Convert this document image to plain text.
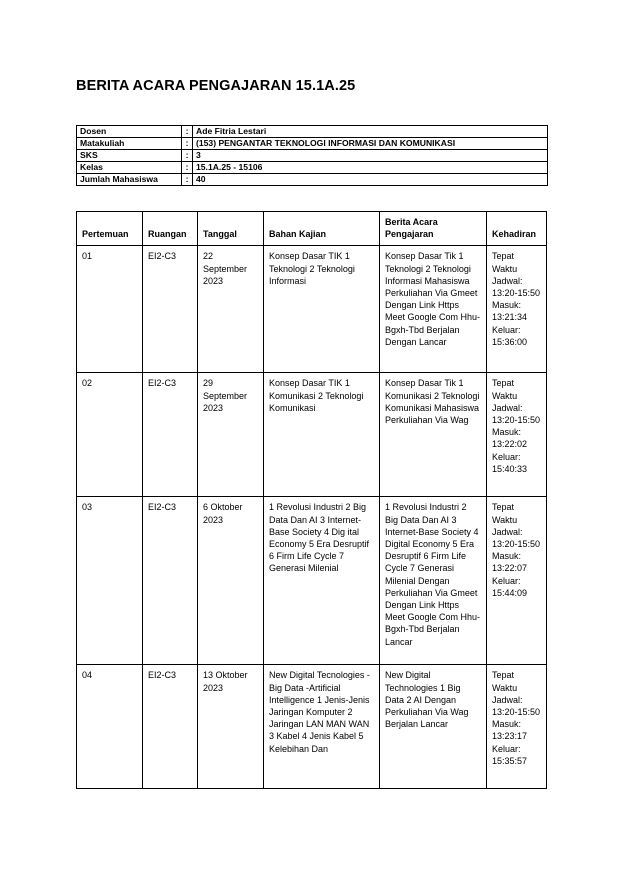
BERITA ACARA PENGAJARAN 15.1A.25
Dosen	:	Ade Fitria Lestari
Matakuliah	:	(153) PENGANTAR TEKNOLOGI INFORMASI DAN KOMUNIKASI
SKS	:	3
Kelas	:	15.1A.25 - 15106
Jumlah Mahasiswa	:	40
Pertemuan	Ruangan	Tanggal	Bahan Kajian	Berita Acara Pengajaran	Kehadiran
01	EI2-C3	22 September 2023	Konsep Dasar TIK 1 Teknologi 2 Teknologi Informasi	Konsep Dasar Tik 1 Teknologi 2 Teknologi Informasi Mahasiswa Perkuliahan Via Gmeet Dengan Link Https Meet Google Com Hhu-Bgxh-Tbd Berjalan Dengan Lancar	Tepat Waktu Jadwal: 13:20-15:50 Masuk: 13:21:34 Keluar: 15:36:00
02	EI2-C3	29 September 2023	Konsep Dasar TIK 1 Komunikasi 2 Teknologi Komunikasi	Konsep Dasar Tik 1 Komunikasi 2 Teknologi Komunikasi Mahasiswa Perkuliahan Via Wag	Tepat Waktu Jadwal: 13:20-15:50 Masuk: 13:22:02 Keluar: 15:40:33
03	EI2-C3	6 Oktober 2023	1 Revolusi Industri 2 Big Data Dan AI 3 Internet-Base Society 4 Dig ital Economy 5 Era Desruptif 6 Firm Life Cycle 7 Generasi Milenial	1 Revolusi Industri 2 Big Data Dan AI 3 Internet-Base Society 4 Digital Economy 5 Era Desruptif 6 Firm Life Cycle 7 Generasi Milenial Dengan Perkuliahan Via Gmeet Dengan Link Https Meet Google Com Hhu-Bgxh-Tbd Berjalan Lancar	Tepat Waktu Jadwal: 13:20-15:50 Masuk: 13:22:07 Keluar: 15:44:09
04	EI2-C3	13 Oktober 2023	New Digital Tecnologies -Big Data -Artificial Intelligence 1 Jenis-Jenis Jaringan Komputer 2 Jaringan LAN MAN WAN 3 Kabel 4 Jenis Kabel 5 Kelebihan Dan	New Digital Technologies 1 Big Data 2 AI Dengan Perkuliahan Via Wag Berjalan Lancar	Tepat Waktu Jadwal: 13:20-15:50 Masuk: 13:23:17 Keluar: 15:35:57
